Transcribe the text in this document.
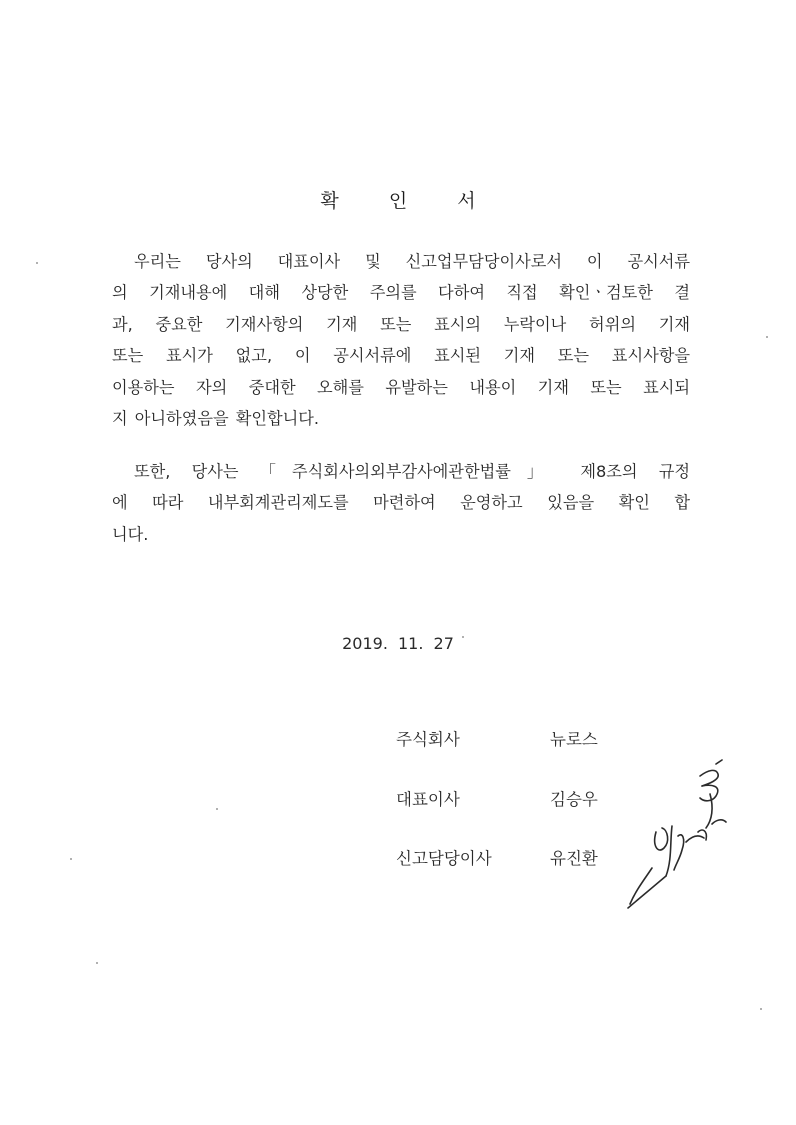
확 인 서
우리는 당사의 대표이사 및 신고업무담당이사로서 이 공시서류
의 기재내용에 대해 상당한 주의를 다하여 직접 확인ㆍ검토한 결
과, 중요한 기재사항의 기재 또는 표시의 누락이나 허위의 기재
또는 표시가 없고, 이 공시서류에 표시된 기재 또는 표시사항을
이용하는 자의 중대한 오해를 유발하는 내용이 기재 또는 표시되
지 아니하였음을 확인합니다.
또한, 당사는 「주식회사의외부감사에관한법률」 제8조의 규정
에 따라 내부회계관리제도를 마련하여 운영하고 있음을 확인 합
니다.
2019. 11. 27
주식회사	뉴로스
대표이사	김승우
신고담당이사	유진환
